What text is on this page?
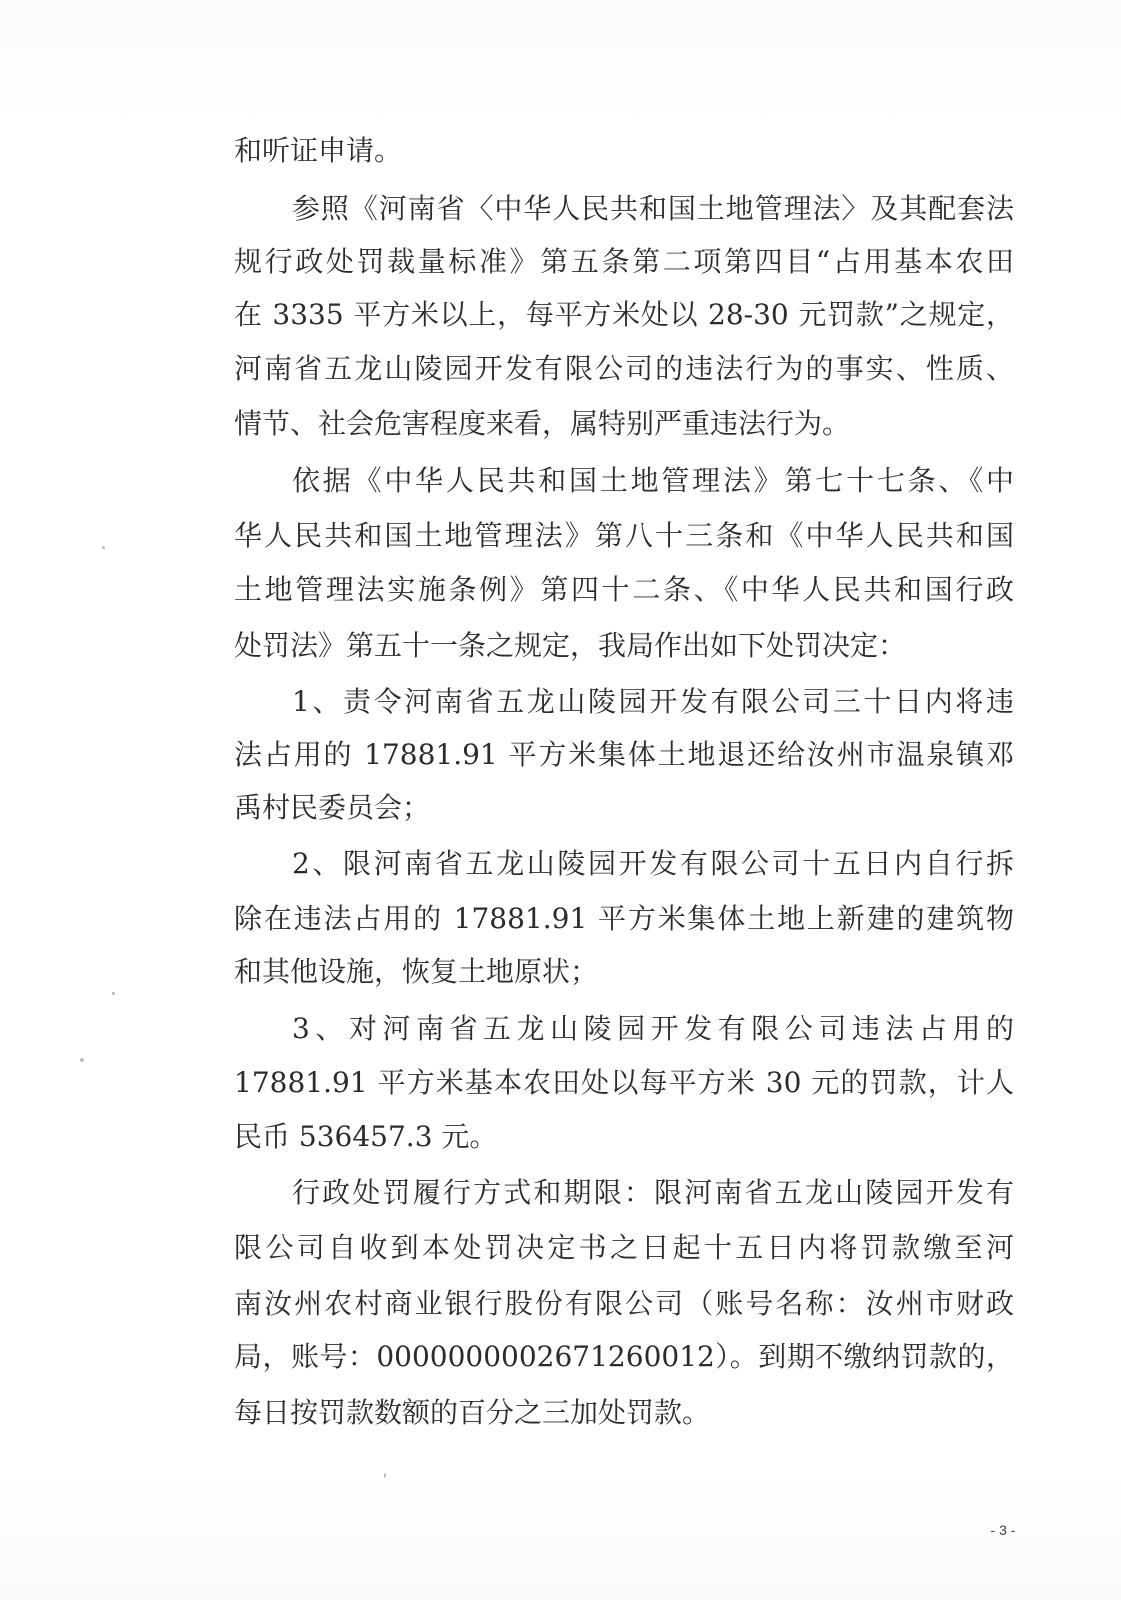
和听证申请。
参照《河南省〈中华人民共和国土地管理法〉及其配套法
规行政处罚裁量标准》第五条第二项第四目“占用基本农田
在 3335 平方米以上，每平方米处以 28-30 元罚款”之规定，
河南省五龙山陵园开发有限公司的违法行为的事实、性质、
情节、社会危害程度来看，属特别严重违法行为。
依据《中华人民共和国土地管理法》第七十七条、《中
华人民共和国土地管理法》第八十三条和《中华人民共和国
土地管理法实施条例》第四十二条、《中华人民共和国行政
处罚法》第五十一条之规定，我局作出如下处罚决定：
1、责令河南省五龙山陵园开发有限公司三十日内将违
法占用的 17881.91 平方米集体土地退还给汝州市温泉镇邓
禹村民委员会；
2、限河南省五龙山陵园开发有限公司十五日内自行拆
除在违法占用的 17881.91 平方米集体土地上新建的建筑物
和其他设施，恢复土地原状；
3、对河南省五龙山陵园开发有限公司违法占用的
17881.91 平方米基本农田处以每平方米 30 元的罚款，计人
民币 536457.3 元。
行政处罚履行方式和期限：限河南省五龙山陵园开发有
限公司自收到本处罚决定书之日起十五日内将罚款缴至河
南汝州农村商业银行股份有限公司（账号名称：汝州市财政
局，账号：000000000267126001​2）。到期不缴纳罚款的，
每日按罚款数额的百分之三加处罚款。
- 3 -
